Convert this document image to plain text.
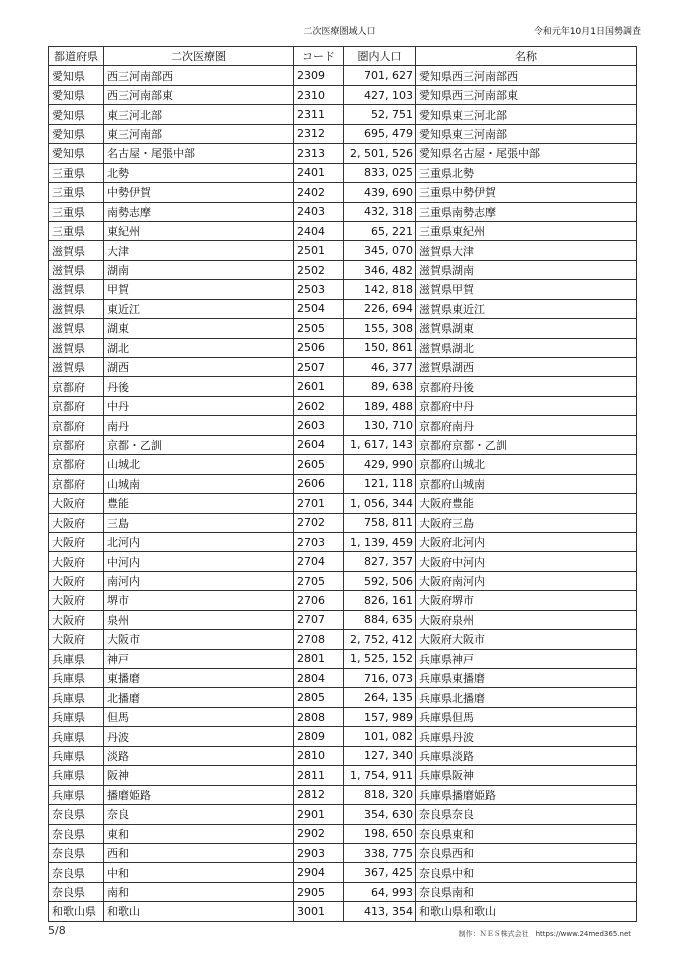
二次医療圏域人口	令和元年10月1日国勢調査
都道府県	二次医療圏	コード	圏内人口	名称
愛知県	西三河南部西	2309	701, 627	愛知県西三河南部西
愛知県	西三河南部東	2310	427, 103	愛知県西三河南部東
愛知県	東三河北部	2311	52, 751	愛知県東三河北部
愛知県	東三河南部	2312	695, 479	愛知県東三河南部
愛知県	名古屋・尾張中部	2313	2, 501, 526	愛知県名古屋・尾張中部
三重県	北勢	2401	833, 025	三重県北勢
三重県	中勢伊賀	2402	439, 690	三重県中勢伊賀
三重県	南勢志摩	2403	432, 318	三重県南勢志摩
三重県	東紀州	2404	65, 221	三重県東紀州
滋賀県	大津	2501	345, 070	滋賀県大津
滋賀県	湖南	2502	346, 482	滋賀県湖南
滋賀県	甲賀	2503	142, 818	滋賀県甲賀
滋賀県	東近江	2504	226, 694	滋賀県東近江
滋賀県	湖東	2505	155, 308	滋賀県湖東
滋賀県	湖北	2506	150, 861	滋賀県湖北
滋賀県	湖西	2507	46, 377	滋賀県湖西
京都府	丹後	2601	89, 638	京都府丹後
京都府	中丹	2602	189, 488	京都府中丹
京都府	南丹	2603	130, 710	京都府南丹
京都府	京都・乙訓	2604	1, 617, 143	京都府京都・乙訓
京都府	山城北	2605	429, 990	京都府山城北
京都府	山城南	2606	121, 118	京都府山城南
大阪府	豊能	2701	1, 056, 344	大阪府豊能
大阪府	三島	2702	758, 811	大阪府三島
大阪府	北河内	2703	1, 139, 459	大阪府北河内
大阪府	中河内	2704	827, 357	大阪府中河内
大阪府	南河内	2705	592, 506	大阪府南河内
大阪府	堺市	2706	826, 161	大阪府堺市
大阪府	泉州	2707	884, 635	大阪府泉州
大阪府	大阪市	2708	2, 752, 412	大阪府大阪市
兵庫県	神戸	2801	1, 525, 152	兵庫県神戸
兵庫県	東播磨	2804	716, 073	兵庫県東播磨
兵庫県	北播磨	2805	264, 135	兵庫県北播磨
兵庫県	但馬	2808	157, 989	兵庫県但馬
兵庫県	丹波	2809	101, 082	兵庫県丹波
兵庫県	淡路	2810	127, 340	兵庫県淡路
兵庫県	阪神	2811	1, 754, 911	兵庫県阪神
兵庫県	播磨姫路	2812	818, 320	兵庫県播磨姫路
奈良県	奈良	2901	354, 630	奈良県奈良
奈良県	東和	2902	198, 650	奈良県東和
奈良県	西和	2903	338, 775	奈良県西和
奈良県	中和	2904	367, 425	奈良県中和
奈良県	南和	2905	64, 993	奈良県南和
和歌山県	和歌山	3001	413, 354	和歌山県和歌山
5/8	制作：ＮＥＳ株式会社　https://www.24med365.net
